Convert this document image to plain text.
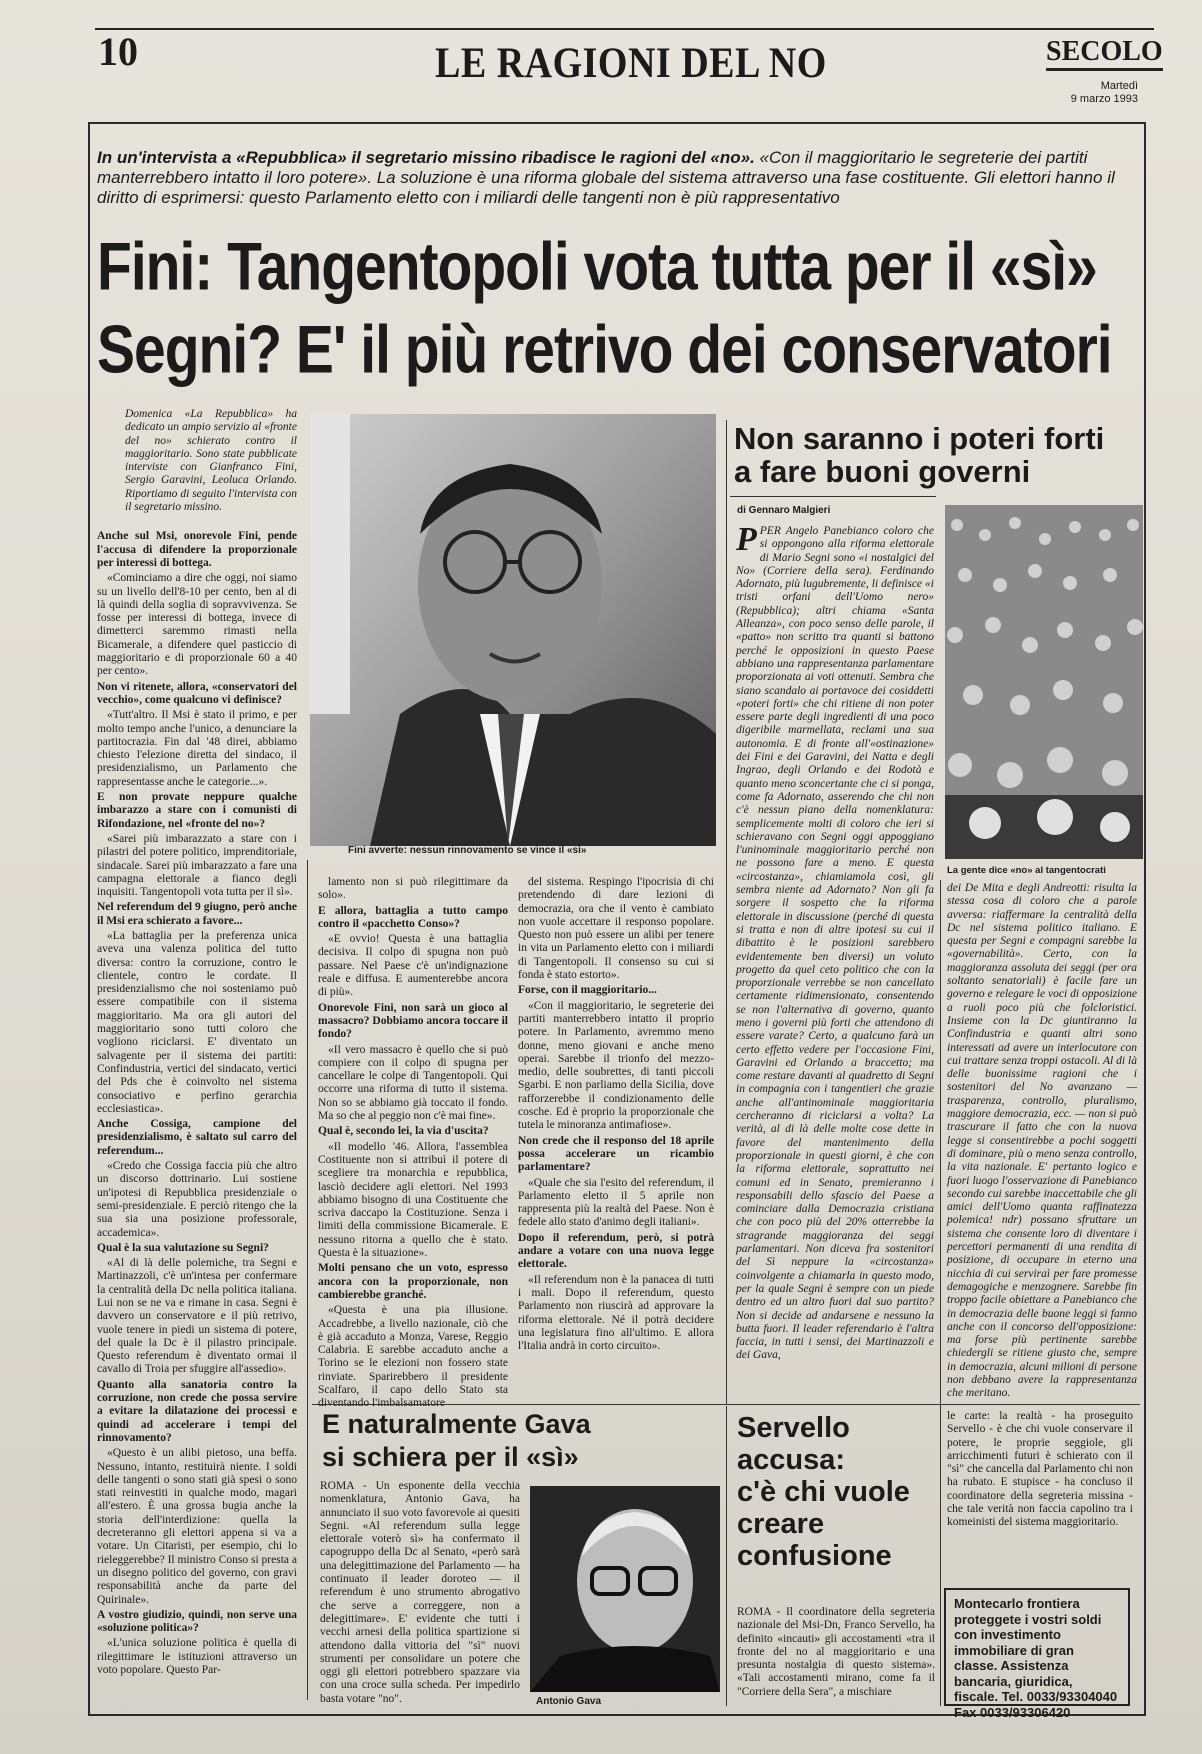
10	LE RAGIONI DEL NO	SECOLO
Martedì
9 marzo 1993
In un'intervista a «Repubblica» il segretario missino ribadisce le ragioni del «no». «Con il maggioritario le segreterie dei partiti manterrebbero intatto il loro potere». La soluzione è una riforma globale del sistema attraverso una fase costituente. Gli elettori hanno il diritto di esprimersi: questo Parlamento eletto con i miliardi delle tangenti non è più rappresentativo
Fini: Tangentopoli vota tutta per il «sì»
Segni? E' il più retrivo dei conservatori

Domenica «La Repubblica» ha dedicato un ampio servizio al «fronte del no» schierato contro il maggioritario. Sono state pubblicate interviste con Gianfranco Fini, Sergio Garavini, Leoluca Orlando. Riportiamo di seguito l'intervista con il segretario missino.

Anche sul Msi, onorevole Fini, pende l'accusa di difendere la proporzionale per interessi di bottega.

«Cominciamo a dire che oggi, noi siamo su un livello dell'8-10 per cento, ben al di là quindi della soglia di sopravvivenza. Se fosse per interessi di bottega, invece di dimetterci saremmo rimasti nella Bicamerale, a difendere quel pasticcio di maggioritario e di proporzionale 60 a 40 per cento».

Non vi ritenete, allora, «conservatori del vecchio», come qualcuno vi definisce?

«Tutt'altro. Il Msi è stato il primo, e per molto tempo anche l'unico, a denunciare la partitocrazia. Fin dal '48 direi, abbiamo chiesto l'elezione diretta del sindaco, il presidenzialismo, un Parlamento che rappresentasse anche le categorie...».

E non provate neppure qualche imbarazzo a stare con i comunisti di Rifondazione, nel «fronte del no»?

«Sarei più imbarazzato a stare con i pilastri del potere politico, imprenditoriale, sindacale. Sarei più imbarazzato a fare una campagna elettorale a fianco degli inquisiti. Tangentopoli vota tutta per il sì».

Nel referendum del 9 giugno, però anche il Msi era schierato a favore...

«La battaglia per la preferenza unica aveva una valenza politica del tutto diversa: contro la corruzione, contro le clientele, contro le cordate. Il presidenzialismo che noi sosteniamo può essere compatibile con il sistema maggioritario. Ma ora gli autori del maggioritario sono tutti coloro che vogliono riciclarsi. E' diventato un salvagente per il sistema dei partiti: Confindustria, vertici del sindacato, vertici del Pds che è coinvolto nel sistema consociativo e perfino gerarchia ecclesiastica».

Anche Cossiga, campione del presidenzialismo, è saltato sul carro del referendum...

«Credo che Cossiga faccia più che altro un discorso dottrinario. Lui sostiene un'ipotesi di Repubblica presidenziale o semi-presidenziale. E perciò ritengo che la sua sia una posizione professorale, accademica».

Qual è la sua valutazione su Segni?

«Al di là delle polemiche, tra Segni e Martinazzoli, c'è un'intesa per confermare la centralità della Dc nella politica italiana. Lui non se ne va e rimane in casa. Segni è davvero un conservatore e il più retrivo, vuole tenere in piedi un sistema di potere, del quale la Dc è il pilastro principale. Questo referendum è diventato ormai il cavallo di Troia per sfuggire all'assedio».

Quanto alla sanatoria contro la corruzione, non crede che possa servire a evitare la dilatazione dei processi e quindi ad accelerare i tempi del rinnovamento?

«Questo è un alibi pietoso, una beffa. Nessuno, intanto, restituirà niente. I soldi delle tangenti o sono stati già spesi o sono stati reinvestiti in qualche modo, magari all'estero. È una grossa bugia anche la storia dell'interdizione: quella la decreteranno gli elettori appena si va a votare. Un Citaristi, per esempio, chi lo rieleggerebbe? Il ministro Conso si presta a un disegno politico del governo, con gravi responsabilità anche da parte del Quirinale».

A vostro giudizio, quindi, non serve una «soluzione politica»?

«L'unica soluzione politica è quella di rilegittimare le istituzioni attraverso un voto popolare. Questo Par-

Fini avverte: nessun rinnovamento se vince il «sì»

lamento non si può rilegittimare da solo».

E allora, battaglia a tutto campo contro il «pacchetto Conso»?

«E ovvio! Questa è una battaglia decisiva. Il colpo di spugna non può passare. Nel Paese c'è un'indignazione reale e diffusa. E aumenterebbe ancora di più».

Onorevole Fini, non sarà un gioco al massacro? Dobbiamo ancora toccare il fondo?

«Il vero massacro è quello che si può compiere con il colpo di spugna per cancellare le colpe di Tangentopoli. Qui occorre una riforma di tutto il sistema. Non so se abbiamo già toccato il fondo. Ma so che al peggio non c'è mai fine».

Qual è, secondo lei, la via d'uscita?

«Il modello '46. Allora, l'assemblea Costituente non si attribuì il potere di scegliere tra monarchia e repubblica, lasciò decidere agli elettori. Nel 1993 abbiamo bisogno di una Costituente che scriva daccapo la Costituzione. Senza i limiti della commissione Bicamerale. E nessuno ritorna a quello che è stato. Questa è la situazione».

Molti pensano che un voto, espresso ancora con la proporzionale, non cambierebbe granché.

«Questa è una pia illusione. Accadrebbe, a livello nazionale, ciò che è già accaduto a Monza, Varese, Reggio Calabria. E sarebbe accaduto anche a Torino se le elezioni non fossero state rinviate. Sparirebbero il presidente Scalfaro, il capo dello Stato sta diventando l'imbalsamatore

del sistema. Respingo l'ipocrisia di chi pretendendo di dare lezioni di democrazia, ora che il vento è cambiato non vuole accettare il responso popolare. Questo non può essere un alibi per tenere in vita un Parlamento eletto con i miliardi di Tangentopoli. Il consenso su cui si fonda è stato estorto».

Forse, con il maggioritario...

«Con il maggioritario, le segreterie dei partiti manterrebbero intatto il proprio potere. In Parlamento, avremmo meno donne, meno giovani e anche meno operai. Sarebbe il trionfo del mezzo-medio, delle soubrettes, di tanti piccoli Sgarbi. E non parliamo della Sicilia, dove rafforzerebbe il condizionamento delle cosche. Ed è proprio la proporzionale che tutela le minoranza antimafiose».

Non crede che il responso del 18 aprile possa accelerare un ricambio parlamentare?

«Quale che sia l'esito del referendum, il Parlamento eletto il 5 aprile non rappresenta più la realtà del Paese. Non è fedele allo stato d'animo degli italiani».

Dopo il referendum, però, si potrà andare a votare con una nuova legge elettorale.

«Il referendum non è la panacea di tutti i mali. Dopo il referendum, questo Parlamento non riuscirà ad approvare la riforma elettorale. Né il potrà decidere una legislatura fino all'ultimo. E allora l'Italia andrà in corto circuito».

Non saranno i poteri forti
a fare buoni governi
di Gennaro Malgieri
La gente dice «no» al tangentocrati

PPER Angelo Panebianco coloro che si oppongono alla riforma elettorale di Mario Segni sono «i nostalgici del No» (Corriere della sera). Ferdinando Adornato, più lugubremente, li definisce «i tristi orfani dell'Uomo nero» (Repubblica); altri chiama «Santa Alleanza», con poco senso delle parole, il «patto» non scritto tra quanti si battono perché le opposizioni in questo Paese abbiano una rappresentanza parlamentare proporzionata ai voti ottenuti. Sembra che siano scandalo ai portavoce dei cosiddetti «poteri forti» che chi ritiene di non poter essere parte degli ingredienti di una poco digeribile marmellata, reclami una sua autonomia. E di fronte all'«ostinazione» dei Fini e dei Garavini, dei Natta e degli Ingrao, degli Orlando e dei Rodotà e quanto meno sconcertante che ci si ponga, come fa Adornato, asserendo che chi non c'è nessun piano della nomenklatura: semplicemente molti di coloro che ieri si schieravano con Segni oggi appoggiano l'uninominale maggioritario perché non ne possono fare a meno. E questa «circostanza», chiamiamola così, gli sembra niente ad Adornato? Non gli fa sorgere il sospetto che la riforma elettorale in discussione (perché di questa si tratta e non di altre ipotesi su cui il dibattito è le posizioni sarebbero evidentemente ben diversi) un voluto progetto da quel ceto politico che con la proporzionale verrebbe se non cancellato certamente ridimensionato, consentendo se non l'alternativa di governo, quanto meno i governi più forti che attendono di essere varate? Certo, a qualcuno farà un certo effetto vedere per l'occasione Fini, Garavini ed Orlando a braccetto; ma come restare davanti al quadretto di Segni in compagnia con i tangentieri che grazie anche all'antinominale maggioritaria cercheranno di riciclarsi a volta? La verità, al di là delle molte cose dette in favore del mantenimento della proporzionale in questi giorni, è che con la riforma elettorale, soprattutto nei comuni ed in Senato, premieranno i responsabili dello sfascio del Paese a cominciare dalla Democrazia cristiana che con poco più del 20% otterrebbe la stragrande maggioranza dei seggi parlamentari. Non diceva fra sostenitori del Sì neppure la «circostanza» coinvolgente a chiamarla in questo modo, per la quale Segni è sempre con un piede dentro ed un altro fuori dal suo partito? Non si decide ad andarsene e nessuno la butta fuori. Il leader referendario è l'altra faccia, in tutti i sensi, dei Martinazzoli e dei Gava,

dei De Mita e degli Andreotti: risulta la stessa cosa di coloro che a parole avversa: riaffermare la centralità della Dc nel sistema politico italiano. E questa per Segni e compagni sarebbe la «governabilità». Certo, con la maggioranza assoluta dei seggi (per ora soltanto senatoriali) è facile fare un governo e relegare le voci di opposizione a ruoli poco più che folcloristici. Insieme con la Dc giuntiranno la Confindustria e quanti altri sono interessati ad avere un interlocutore con cui trattare senza troppi ostacoli. Al di là delle buonissime ragioni che i sostenitori del No avanzano — trasparenza, controllo, pluralismo, maggiore democrazia, ecc. — non si può trascurare il fatto che con la nuova legge si consentirebbe a pochi soggetti di dominare, più o meno senza controllo, la vita nazionale. E' pertanto logico e fuori luogo l'osservazione di Panebianco secondo cui sarebbe inaccettabile che gli amici dell'Uomo quanta raffinatezza polemica! ndr) possano sfruttare un sistema che consente loro di diventare i percettori permanenti di una rendita di posizione, di occupare in eterno una nicchia di cui serviraì per fare promesse demagogiche e menzognere. Sarebbe fin troppo facile obiettare a Panebianco che in democrazia delle buone leggi si fanno anche con il concorso dell'opposizione: ma forse più pertinente sarebbe chiedergli se ritiene giusto che, sempre in democrazia, alcuni milioni di persone non debbano avere la rappresentanza che meritano.

E naturalmente Gava
si schiera per il «sì»

ROMA - Un esponente della vecchia nomenklatura, Antonio Gava, ha annunciato il suo voto favorevole ai quesiti Segni. «Al referendum sulla legge elettorale voterò sì» ha confermato il capogruppo della Dc al Senato, «però sarà una delegittimazione del Parlamento — ha continuato il leader doroteo — il referendum è uno strumento abrogativo che serve a correggere, non a delegittimare». E' evidente che tutti i vecchi arnesi della politica spartizione si attendono dalla vittoria del "sì" nuovi strumenti per consolidare un potere che oggi gli elettori potrebbero spazzare via con una croce sulla scheda. Per impedirlo basta votare "no".	Antonio Gava
Servello
accusa:
c'è chi vuole
creare
confusione

ROMA - Il coordinatore della segreteria nazionale del Msi-Dn, Franco Servello, ha definito «incauti» gli accostamenti «tra il fronte del no al maggioritario e una presunta nostalgia di questo sistema». «Tali accostamenti mirano, come fa il "Corriere della Sera", a mischiare

le carte: la realtà - ha proseguito Servello - è che chi vuole conservare il potere, le proprie seggiole, gli arricchimenti futuri è schierato con il "sì" che cancella dal Parlamento chi non ha rubato. E stupisce - ha concluso il coordinatore della segreteria missina - che tale verità non faccia capolino tra i komeinisti del sistema maggioritario.

Montecarlo frontiera proteggete i vostri soldi con investimento immobiliare di gran classe. Assistenza bancaria, giuridica, fiscale. Tel. 0033/93304040 Fax 0033/93306420
